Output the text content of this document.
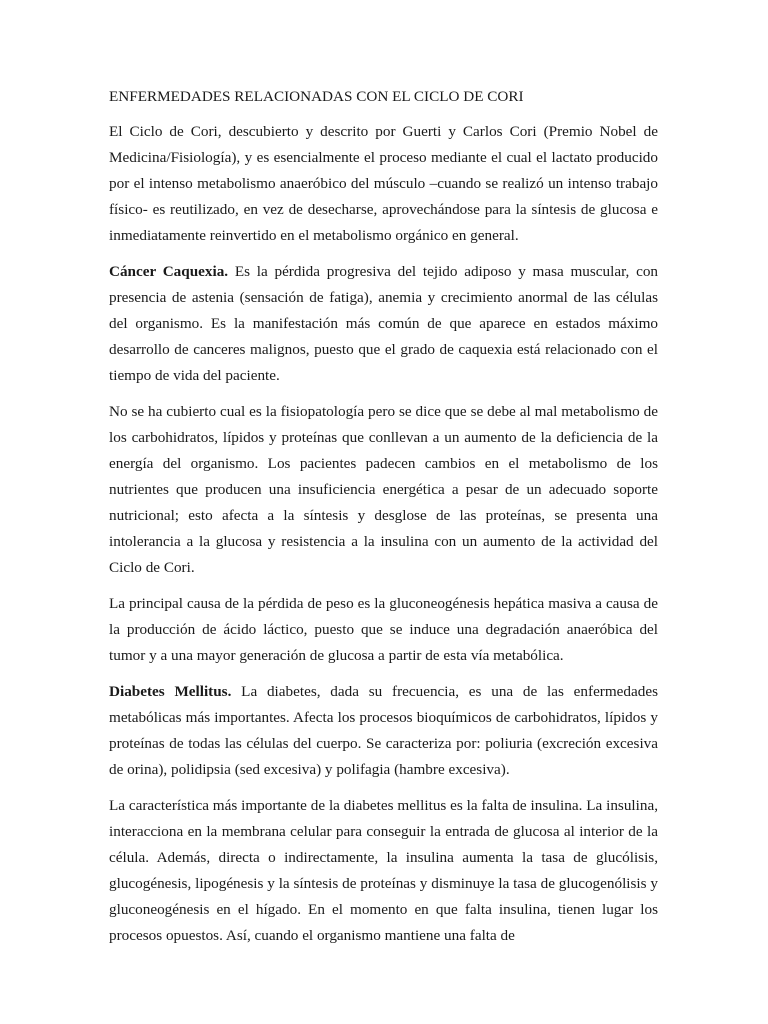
ENFERMEDADES RELACIONADAS CON EL CICLO DE CORI

El Ciclo de Cori, descubierto y descrito por Guerti y Carlos Cori (Premio Nobel de Medicina/Fisiología), y es esencialmente el proceso mediante el cual el lactato producido por el intenso metabolismo anaeróbico del músculo –cuando se realizó un intenso trabajo físico- es reutilizado, en vez de desecharse, aprovechándose para la síntesis de glucosa e inmediatamente reinvertido en el metabolismo orgánico en general.

Cáncer Caquexia. Es la pérdida progresiva del tejido adiposo y masa muscular, con presencia de astenia (sensación de fatiga), anemia y crecimiento anormal de las células del organismo. Es la manifestación más común de que aparece en estados máximo desarrollo de canceres malignos, puesto que el grado de caquexia está relacionado con el tiempo de vida del paciente.

No se ha cubierto cual es la fisiopatología pero se dice que se debe al mal metabolismo de los carbohidratos, lípidos y proteínas que conllevan a un aumento de la deficiencia de la energía del organismo. Los pacientes padecen cambios en el metabolismo de los nutrientes que producen una insuficiencia energética a pesar de un adecuado soporte nutricional; esto afecta a la síntesis y desglose de las proteínas, se presenta una intolerancia a la glucosa y resistencia a la insulina con un aumento de la actividad del Ciclo de Cori.

La principal causa de la pérdida de peso es la gluconeogénesis hepática masiva a causa de la producción de ácido láctico, puesto que se induce una degradación anaeróbica del tumor y a una mayor generación de glucosa a partir de esta vía metabólica.

Diabetes Mellitus. La diabetes, dada su frecuencia, es una de las enfermedades metabólicas más importantes. Afecta los procesos bioquímicos de carbohidratos, lípidos y proteínas de todas las células del cuerpo. Se caracteriza por: poliuria (excreción excesiva de orina), polidipsia (sed excesiva) y polifagia (hambre excesiva).

La característica más importante de la diabetes mellitus es la falta de insulina. La insulina, interacciona en la membrana celular para conseguir la entrada de glucosa al interior de la célula. Además, directa o indirectamente, la insulina aumenta la tasa de glucólisis, glucogénesis, lipogénesis y la síntesis de proteínas y disminuye la tasa de glucogenólisis y gluconeogénesis en el hígado. En el momento en que falta insulina, tienen lugar los procesos opuestos. Así, cuando el organismo mantiene una falta de
